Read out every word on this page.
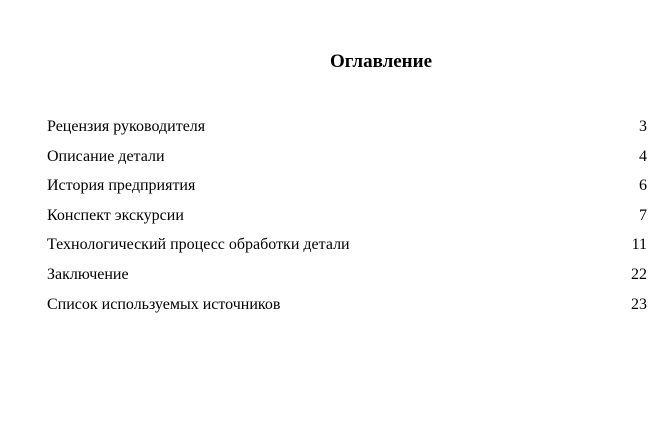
Оглавление
Рецензия руководителя	3
Описание детали	4
История предприятия	6
Конспект экскурсии	7
Технологический процесс обработки детали	11
Заключение	22
Список используемых источников	23
